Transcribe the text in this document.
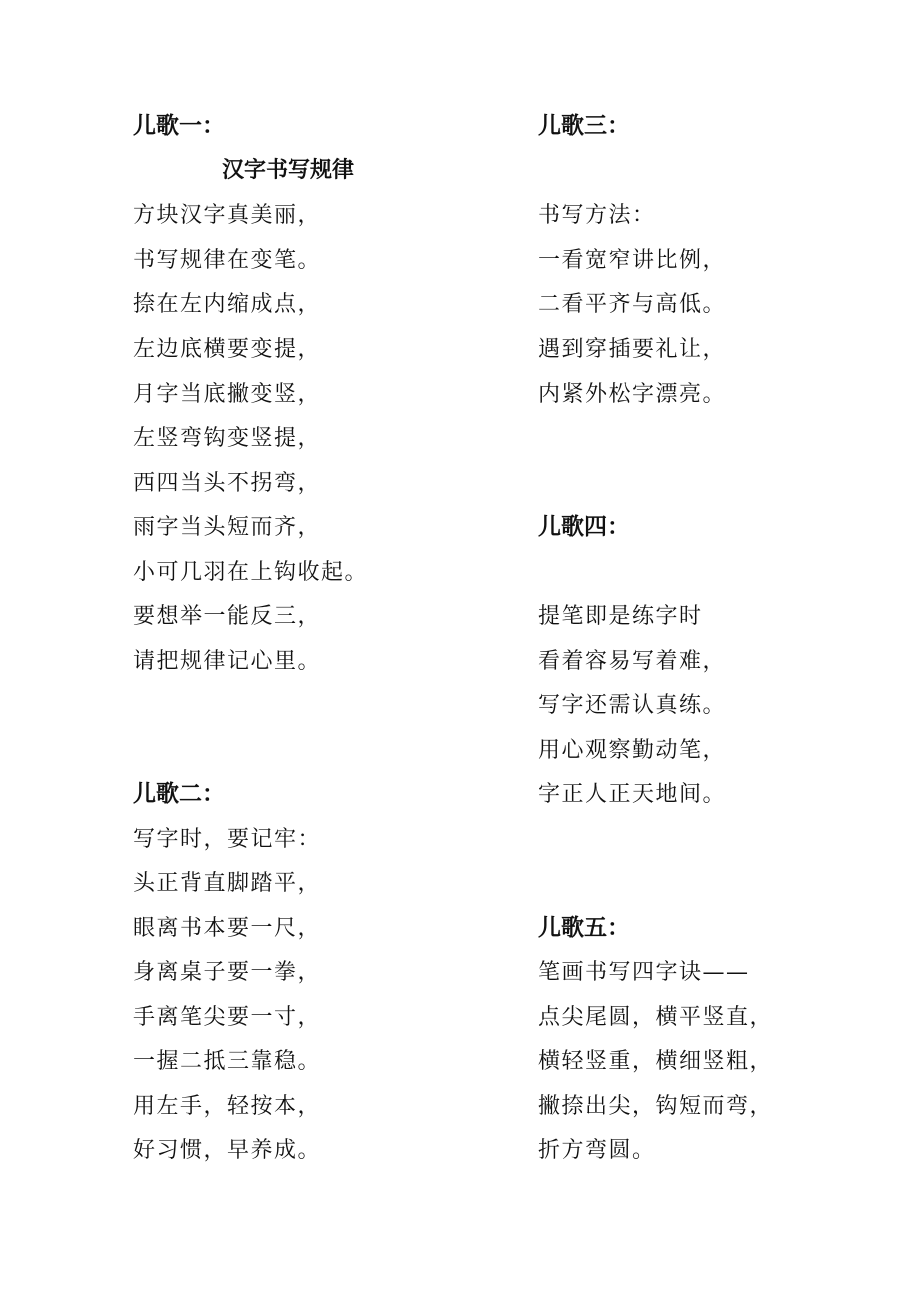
儿歌一：
汉字书写规律
方块汉字真美丽，
书写规律在变笔。
捺在左内缩成点，
左边底横要变提，
月字当底撇变竖，
左竖弯钩变竖提，
西四当头不拐弯，
雨字当头短而齐，
小可几羽在上钩收起。
要想举一能反三，
请把规律记心里。
儿歌二：
写字时，要记牢：
头正背直脚踏平，
眼离书本要一尺，
身离桌子要一拳，
手离笔尖要一寸，
一握二抵三靠稳。
用左手，轻按本，
好习惯，早养成。
儿歌三：
书写方法：
一看宽窄讲比例，
二看平齐与高低。
遇到穿插要礼让，
内紧外松字漂亮。
儿歌四：
提笔即是练字时
看着容易写着难，
写字还需认真练。
用心观察勤动笔，
字正人正天地间。
儿歌五：
笔画书写四字诀——
点尖尾圆，横平竖直，
横轻竖重，横细竖粗，
撇捺出尖，钩短而弯，
折方弯圆。
